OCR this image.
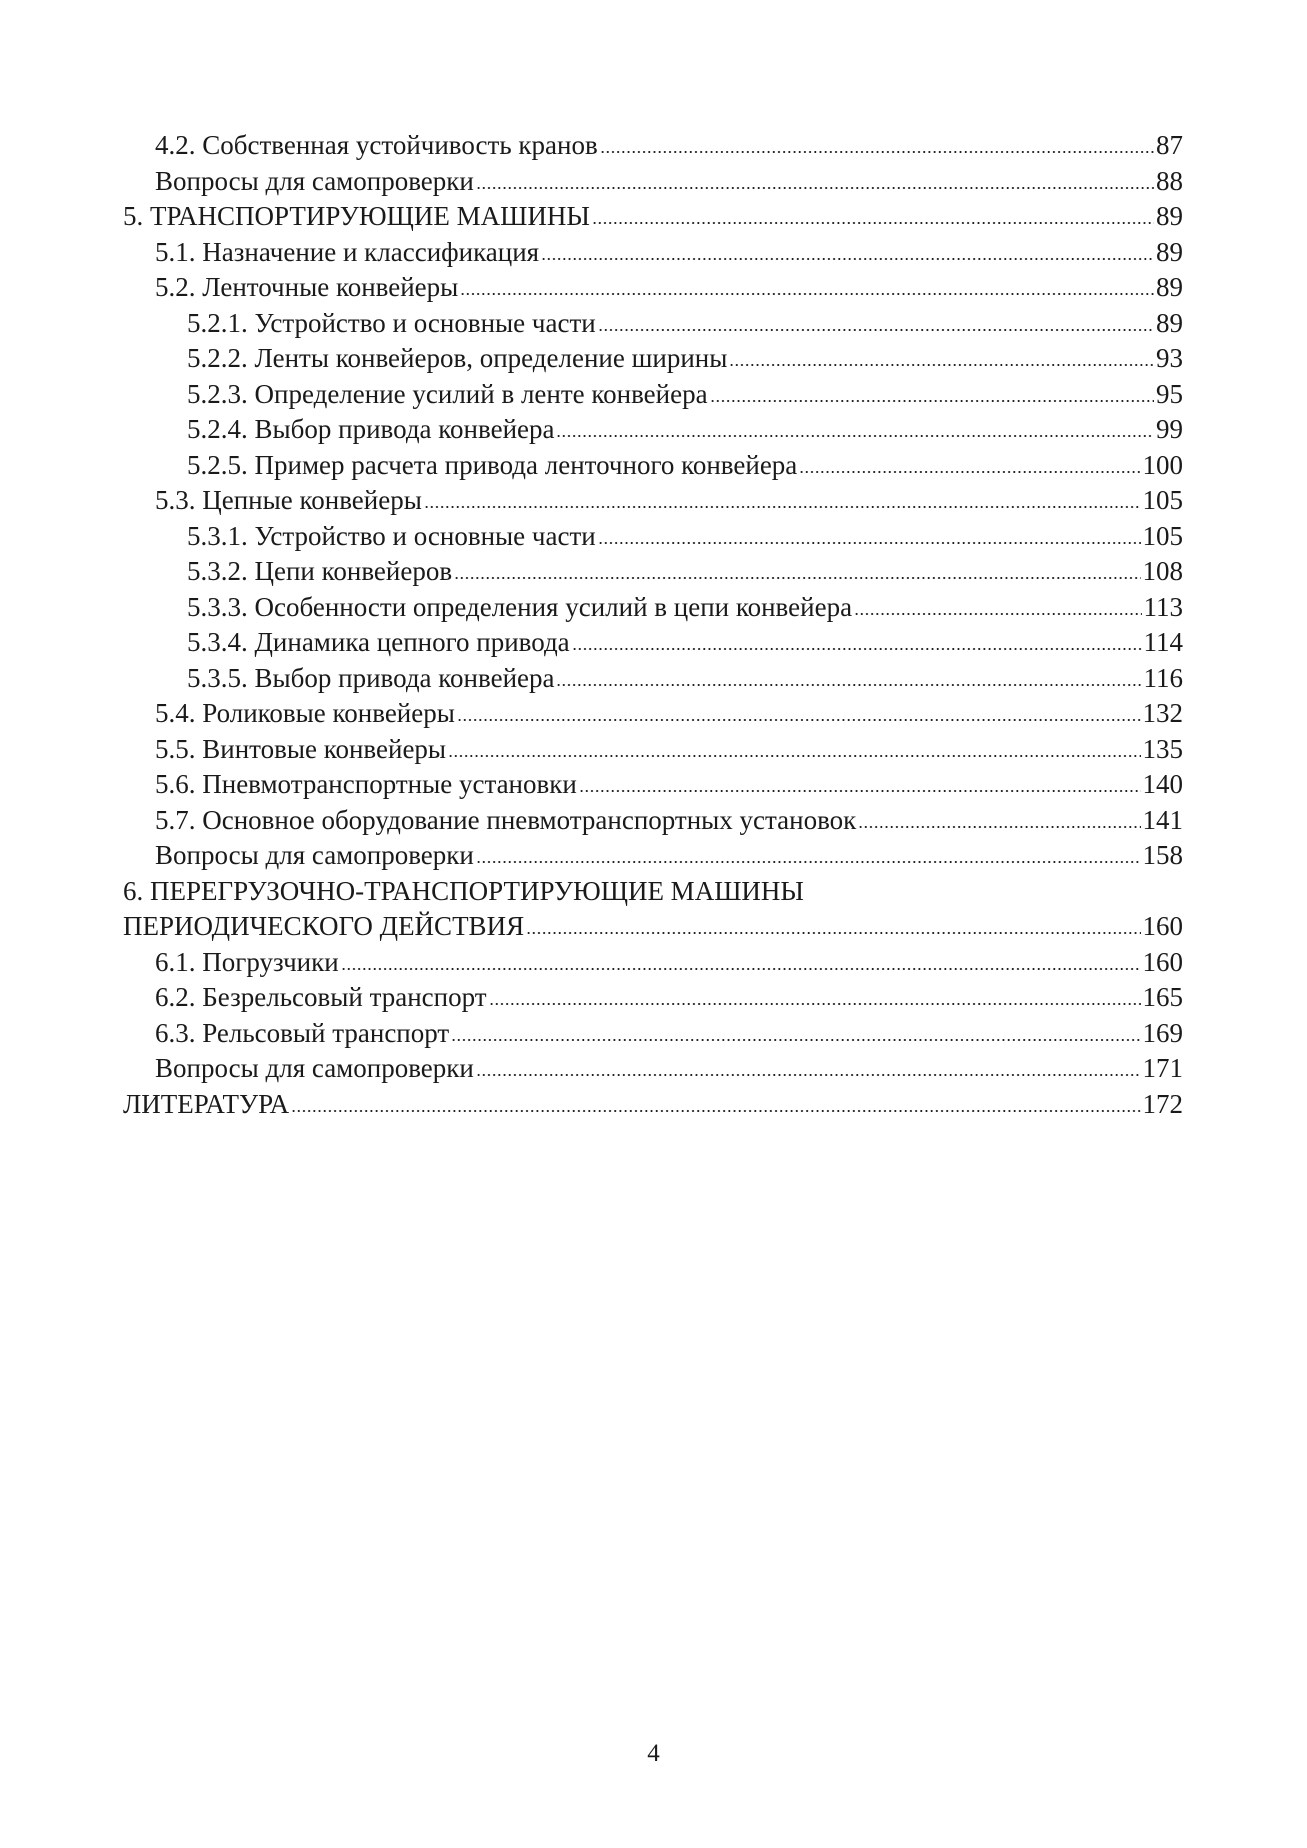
4.2. Собственная устойчивость кранов	87
Вопросы для самопроверки	88
5. ТРАНСПОРТИРУЮЩИЕ МАШИНЫ	89
5.1. Назначение и классификация	89
5.2. Ленточные конвейеры	89
5.2.1. Устройство и основные части	89
5.2.2. Ленты конвейеров, определение ширины	93
5.2.3. Определение усилий в ленте конвейера	95
5.2.4. Выбор привода конвейера	99
5.2.5. Пример расчета привода ленточного конвейера	100
5.3. Цепные конвейеры	105
5.3.1. Устройство и основные части	105
5.3.2. Цепи конвейеров	108
5.3.3. Особенности определения усилий в цепи конвейера	113
5.3.4. Динамика цепного привода	114
5.3.5. Выбор привода конвейера	116
5.4. Роликовые конвейеры	132
5.5. Винтовые конвейеры	135
5.6. Пневмотранспортные установки	140
5.7. Основное оборудование пневмотранспортных установок	141
Вопросы для самопроверки	158
6. ПЕРЕГРУЗОЧНО-ТРАНСПОРТИРУЮЩИЕ МАШИНЫ
ПЕРИОДИЧЕСКОГО ДЕЙСТВИЯ	160
6.1. Погрузчики	160
6.2. Безрельсовый транспорт	165
6.3. Рельсовый транспорт	169
Вопросы для самопроверки	171
ЛИТЕРАТУРА	172
4
